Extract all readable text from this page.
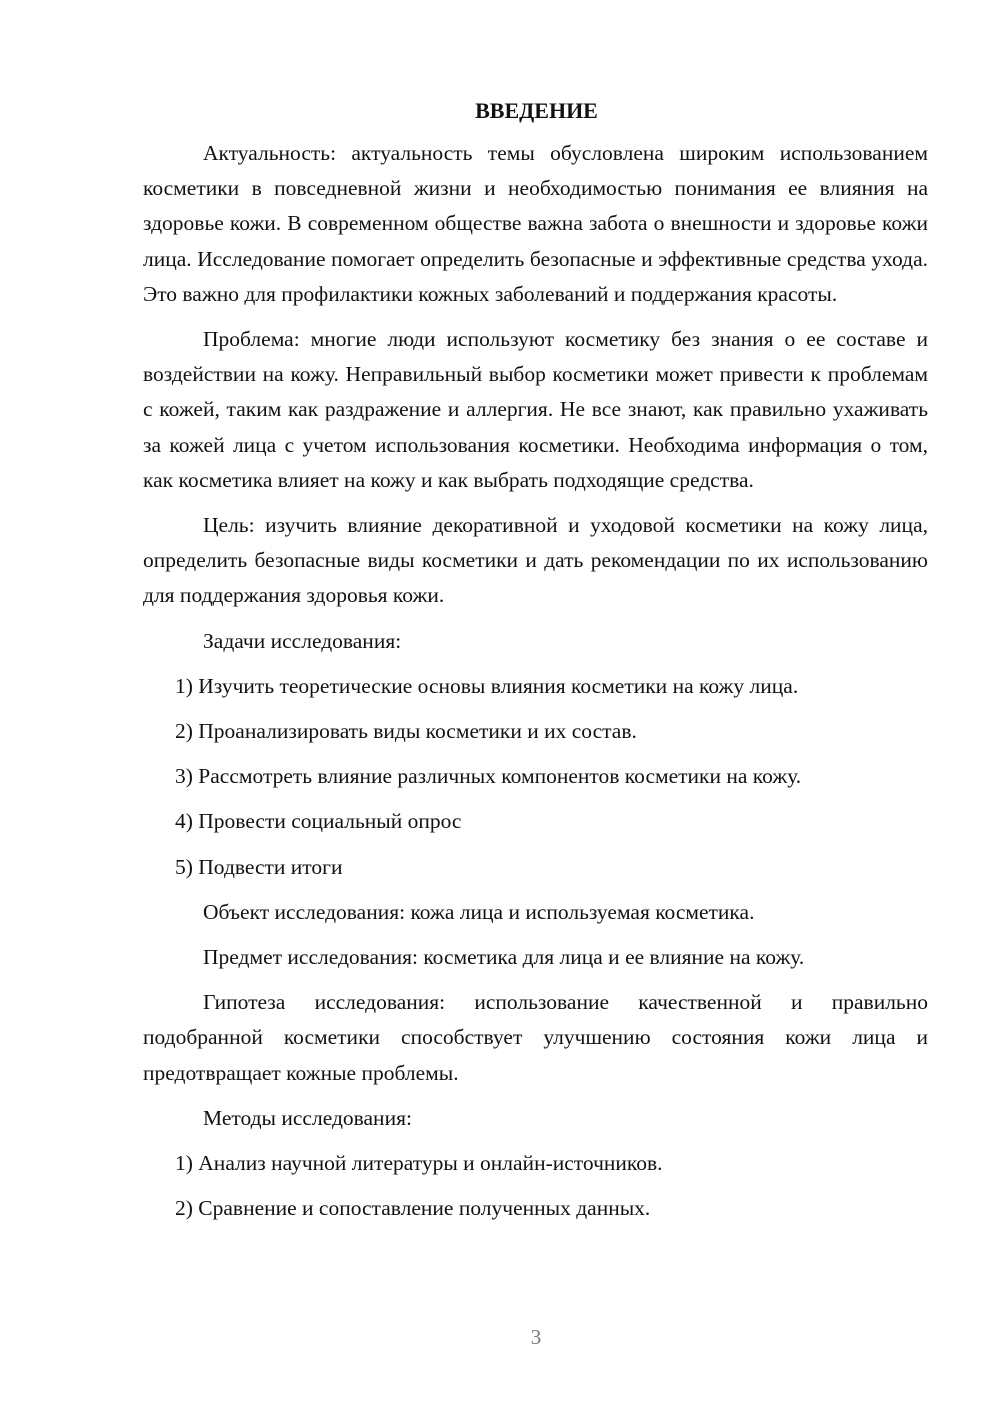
ВВЕДЕНИЕ

Актуальность: актуальность темы обусловлена широким использованием косметики в повседневной жизни и необходимостью понимания ее влияния на здоровье кожи. В современном обществе важна забота о внешности и здоровье кожи лица. Исследование помогает определить безопасные и эффективные средства ухода. Это важно для профилактики кожных заболеваний и поддержания красоты.

Проблема: многие люди используют косметику без знания о ее составе и воздействии на кожу. Неправильный выбор косметики может привести к проблемам с кожей, таким как раздражение и аллергия. Не все знают, как правильно ухаживать за кожей лица с учетом использования косметики. Необходима информация о том, как косметика влияет на кожу и как выбрать подходящие средства.

Цель: изучить влияние декоративной и уходовой косметики на кожу лица, определить безопасные виды косметики и дать рекомендации по их использованию для поддержания здоровья кожи.

Задачи исследования:

1) Изучить теоретические основы влияния косметики на кожу лица.

2) Проанализировать виды косметики и их состав.

3) Рассмотреть влияние различных компонентов косметики на кожу.

4) Провести социальный опрос

5) Подвести итоги

Объект исследования: кожа лица и используемая косметика.

Предмет исследования: косметика для лица и ее влияние на кожу.

Гипотеза исследования: использование качественной и правильно подобранной косметики способствует улучшению состояния кожи лица и предотвращает кожные проблемы.

Методы исследования:

1) Анализ научной литературы и онлайн-источников.

2) Сравнение и сопоставление полученных данных.

3
